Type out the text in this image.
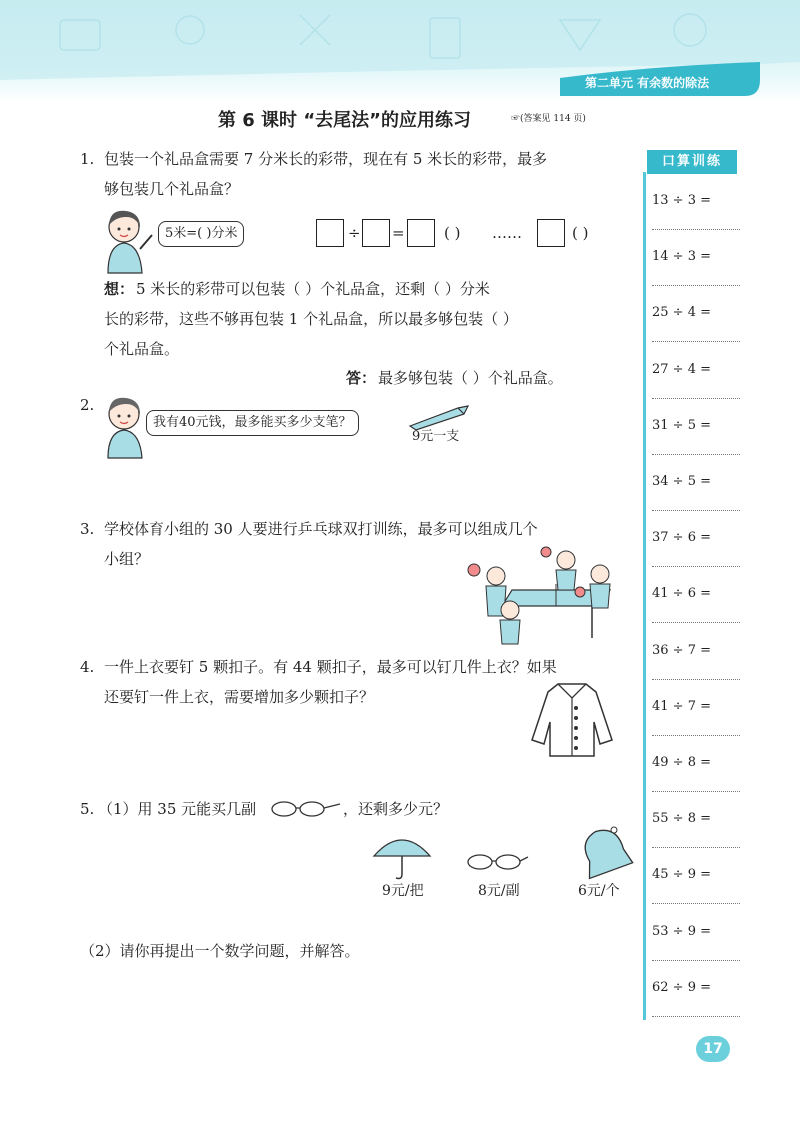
第二单元 有余数的除法
第 6 课时 “去尾法”的应用练习	☞(答案见 114 页)
1. 包装一个礼品盒需要 7 分米长的彩带，现在有 5 米长的彩带，最多
够包装几个礼品盒？
5米=( )分米	÷ =	( ) ……	( )
想： 5 米长的彩带可以包装（ ）个礼品盒，还剩（ ）分米
长的彩带，这些不够再包装 1 个礼品盒，所以最多够包装（ ）
个礼品盒。
答： 最多够包装（ ）个礼品盒。
2.
我有40元钱，最多能买多少支笔？
9元一支
3. 学校体育小组的 30 人要进行乒乓球双打训练，最多可以组成几个
小组？
4. 一件上衣要钉 5 颗扣子。有 44 颗扣子，最多可以钉几件上衣？如果
还要钉一件上衣，需要增加多少颗扣子？
5. （1）用 35 元能买几副	，还剩多少元？
9元/把	8元/副	6元/个
（2）请你再提出一个数学问题，并解答。
口算训练
13 ÷ 3 =
14 ÷ 3 =
25 ÷ 4 =
27 ÷ 4 =
31 ÷ 5 =
34 ÷ 5 =
37 ÷ 6 =
41 ÷ 6 =
36 ÷ 7 =
41 ÷ 7 =
49 ÷ 8 =
55 ÷ 8 =
45 ÷ 9 =
53 ÷ 9 =
62 ÷ 9 =
17
